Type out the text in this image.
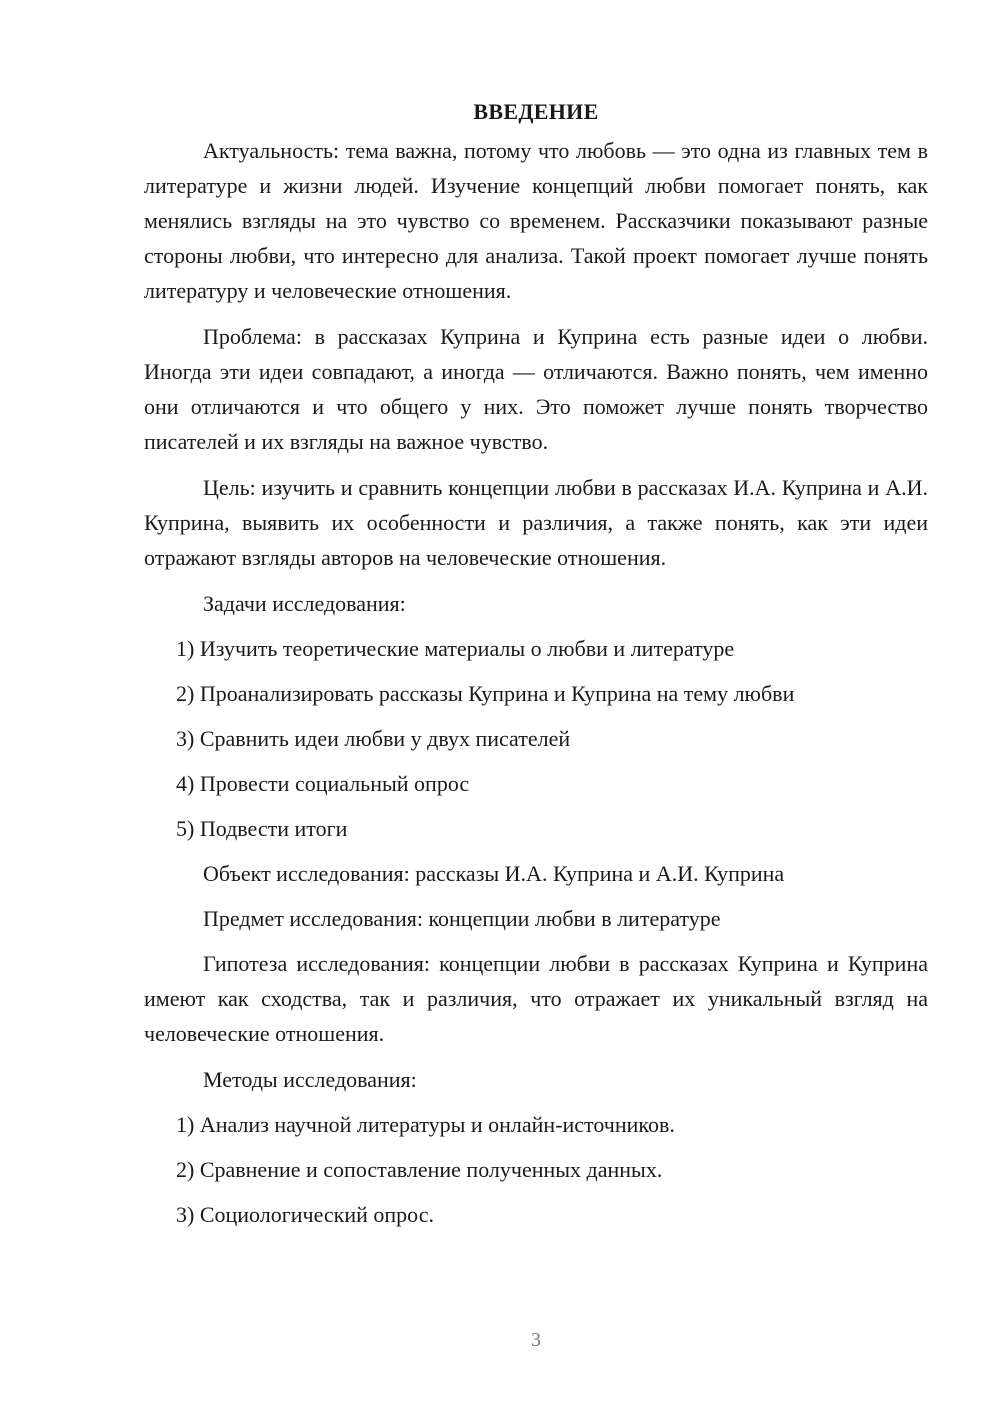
ВВЕДЕНИЕ

Актуальность: тема важна, потому что любовь — это одна из главных тем в литературе и жизни людей. Изучение концепций любви помогает понять, как менялись взгляды на это чувство со временем. Рассказчики показывают разные стороны любви, что интересно для анализа. Такой проект помогает лучше понять литературу и человеческие отношения.

Проблема: в рассказах Куприна и Куприна есть разные идеи о любви. Иногда эти идеи совпадают, а иногда — отличаются. Важно понять, чем именно они отличаются и что общего у них. Это поможет лучше понять творчество писателей и их взгляды на важное чувство.

Цель: изучить и сравнить концепции любви в рассказах И.А. Куприна и А.И. Куприна, выявить их особенности и различия, а также понять, как эти идеи отражают взгляды авторов на человеческие отношения.

Задачи исследования:
1) Изучить теоретические материалы о любви и литературе
2) Проанализировать рассказы Куприна и Куприна на тему любви
3) Сравнить идеи любви у двух писателей
4) Провести социальный опрос
5) Подвести итоги
Объект исследования: рассказы И.А. Куприна и А.И. Куприна
Предмет исследования: концепции любви в литературе

Гипотеза исследования: концепции любви в рассказах Куприна и Куприна имеют как сходства, так и различия, что отражает их уникальный взгляд на человеческие отношения.

Методы исследования:
1) Анализ научной литературы и онлайн-источников.
2) Сравнение и сопоставление полученных данных.
3) Социологический опрос.
3
